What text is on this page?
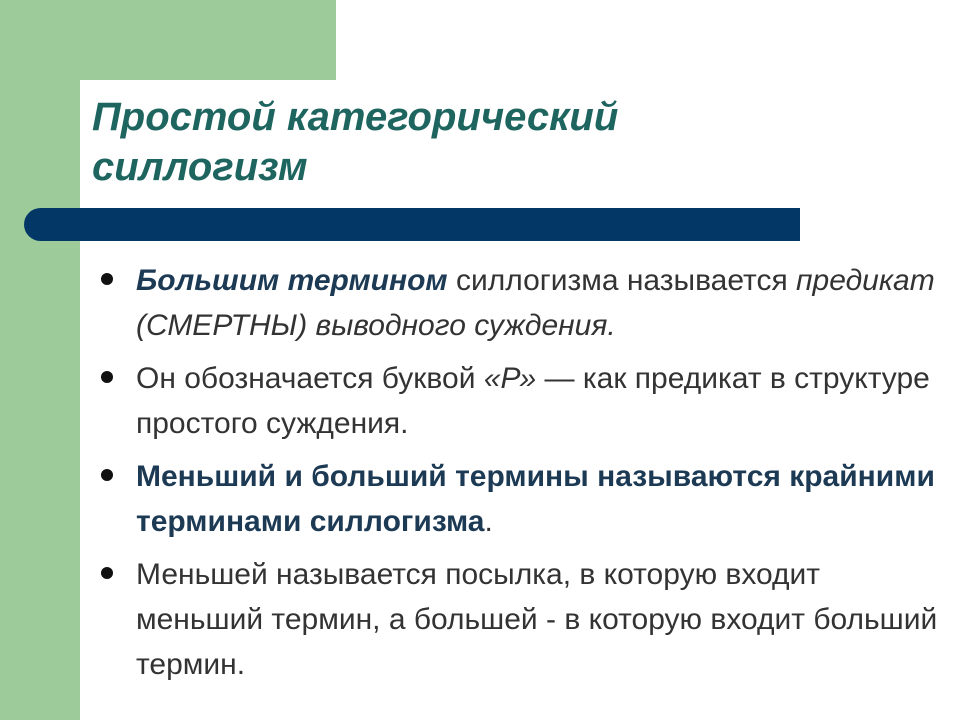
Простой категорический
силлогизм
Большим термином силлогизма называется предикат (СМЕРТНЫ) выводного суждения.
Он обозначается буквой «Р» — как предикат в структуре простого суждения.
Меньший и больший термины называются крайними терминами силлогизма.
Меньшей называется посылка, в которую входит меньший термин, а большей - в которую входит больший термин.
